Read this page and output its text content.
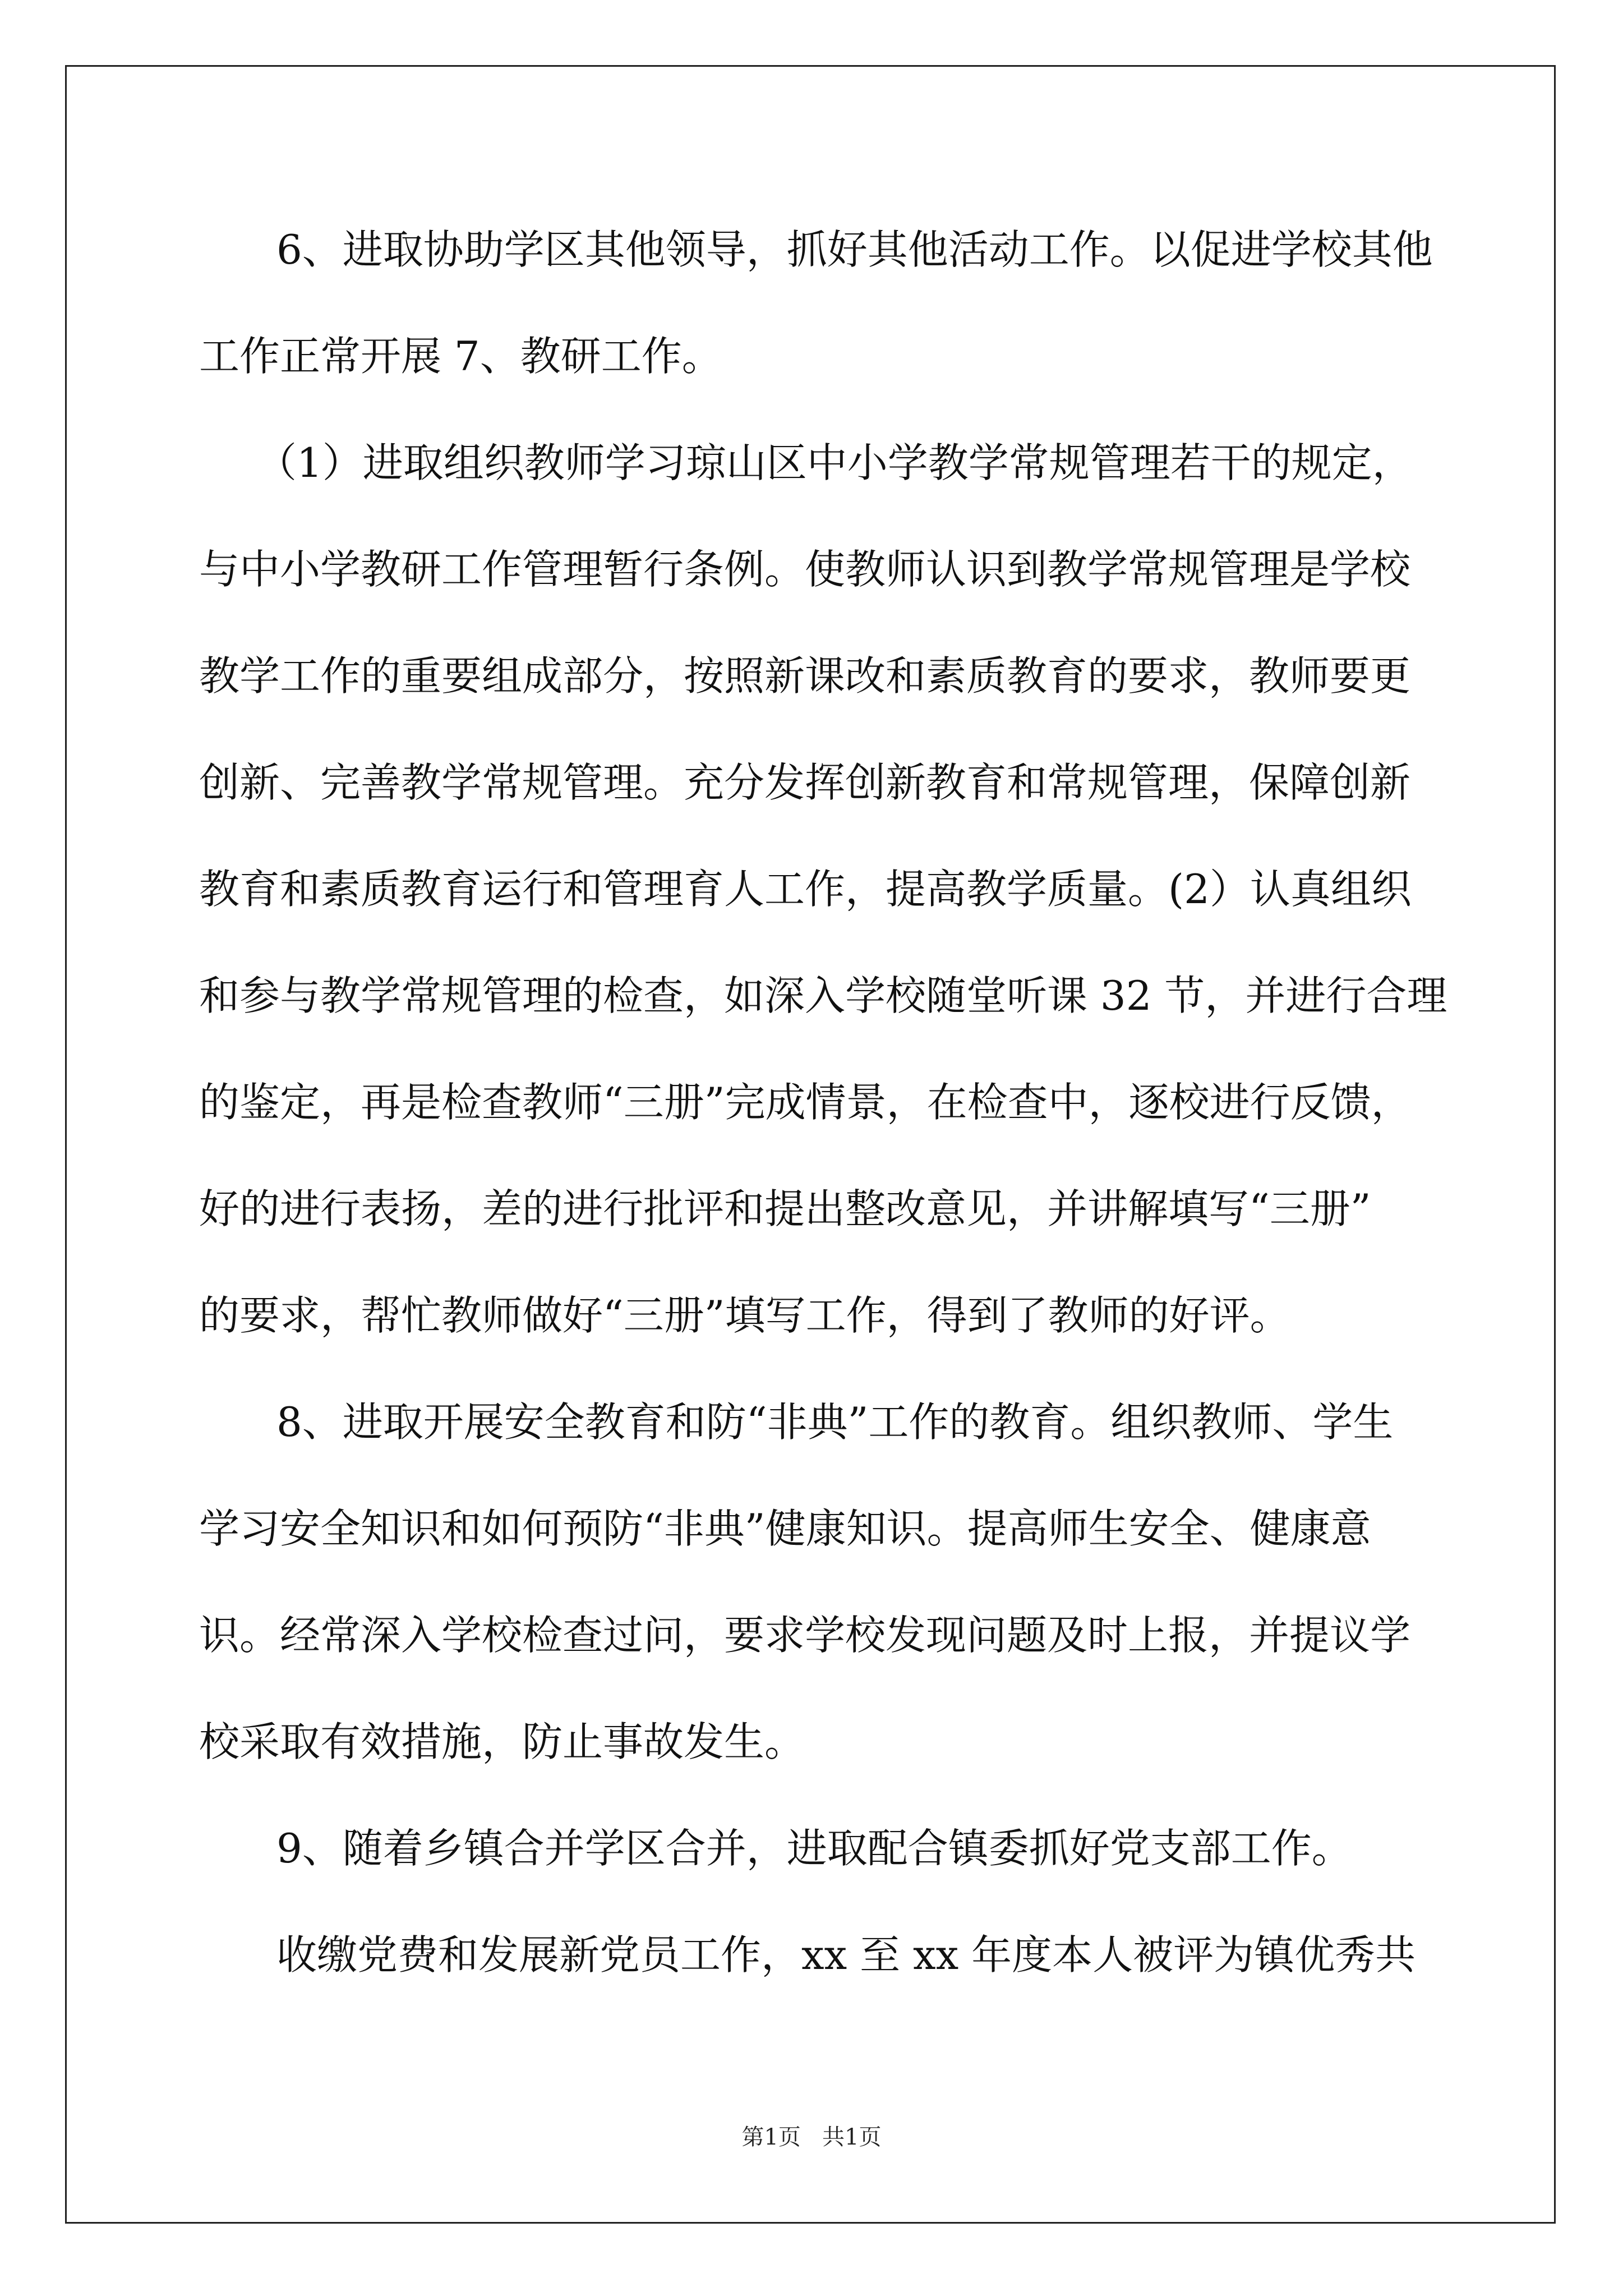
6、进取协助学区其他领导，抓好其他活动工作。以促进学校其他

工作正常开展 7、教研工作。

（1）进取组织教师学习琼山区中小学教学常规管理若干的规定，

与中小学教研工作管理暂行条例。使教师认识到教学常规管理是学校

教学工作的重要组成部分，按照新课改和素质教育的要求，教师要更

创新、完善教学常规管理。充分发挥创新教育和常规管理，保障创新

教育和素质教育运行和管理育人工作，提高教学质量。(2）认真组织

和参与教学常规管理的检查，如深入学校随堂听课 32 节，并进行合理

的鉴定，再是检查教师“三册”完成情景，在检查中，逐校进行反馈，

好的进行表扬，差的进行批评和提出整改意见，并讲解填写“三册”

的要求，帮忙教师做好“三册”填写工作，得到了教师的好评。

8、进取开展安全教育和防“非典”工作的教育。组织教师、学生

学习安全知识和如何预防“非典”健康知识。提高师生安全、健康意

识。经常深入学校检查过问，要求学校发现问题及时上报，并提议学

校采取有效措施，防止事故发生。

9、随着乡镇合并学区合并，进取配合镇委抓好党支部工作。

收缴党费和发展新党员工作，xx 至 xx 年度本人被评为镇优秀共

第1页   共1页
